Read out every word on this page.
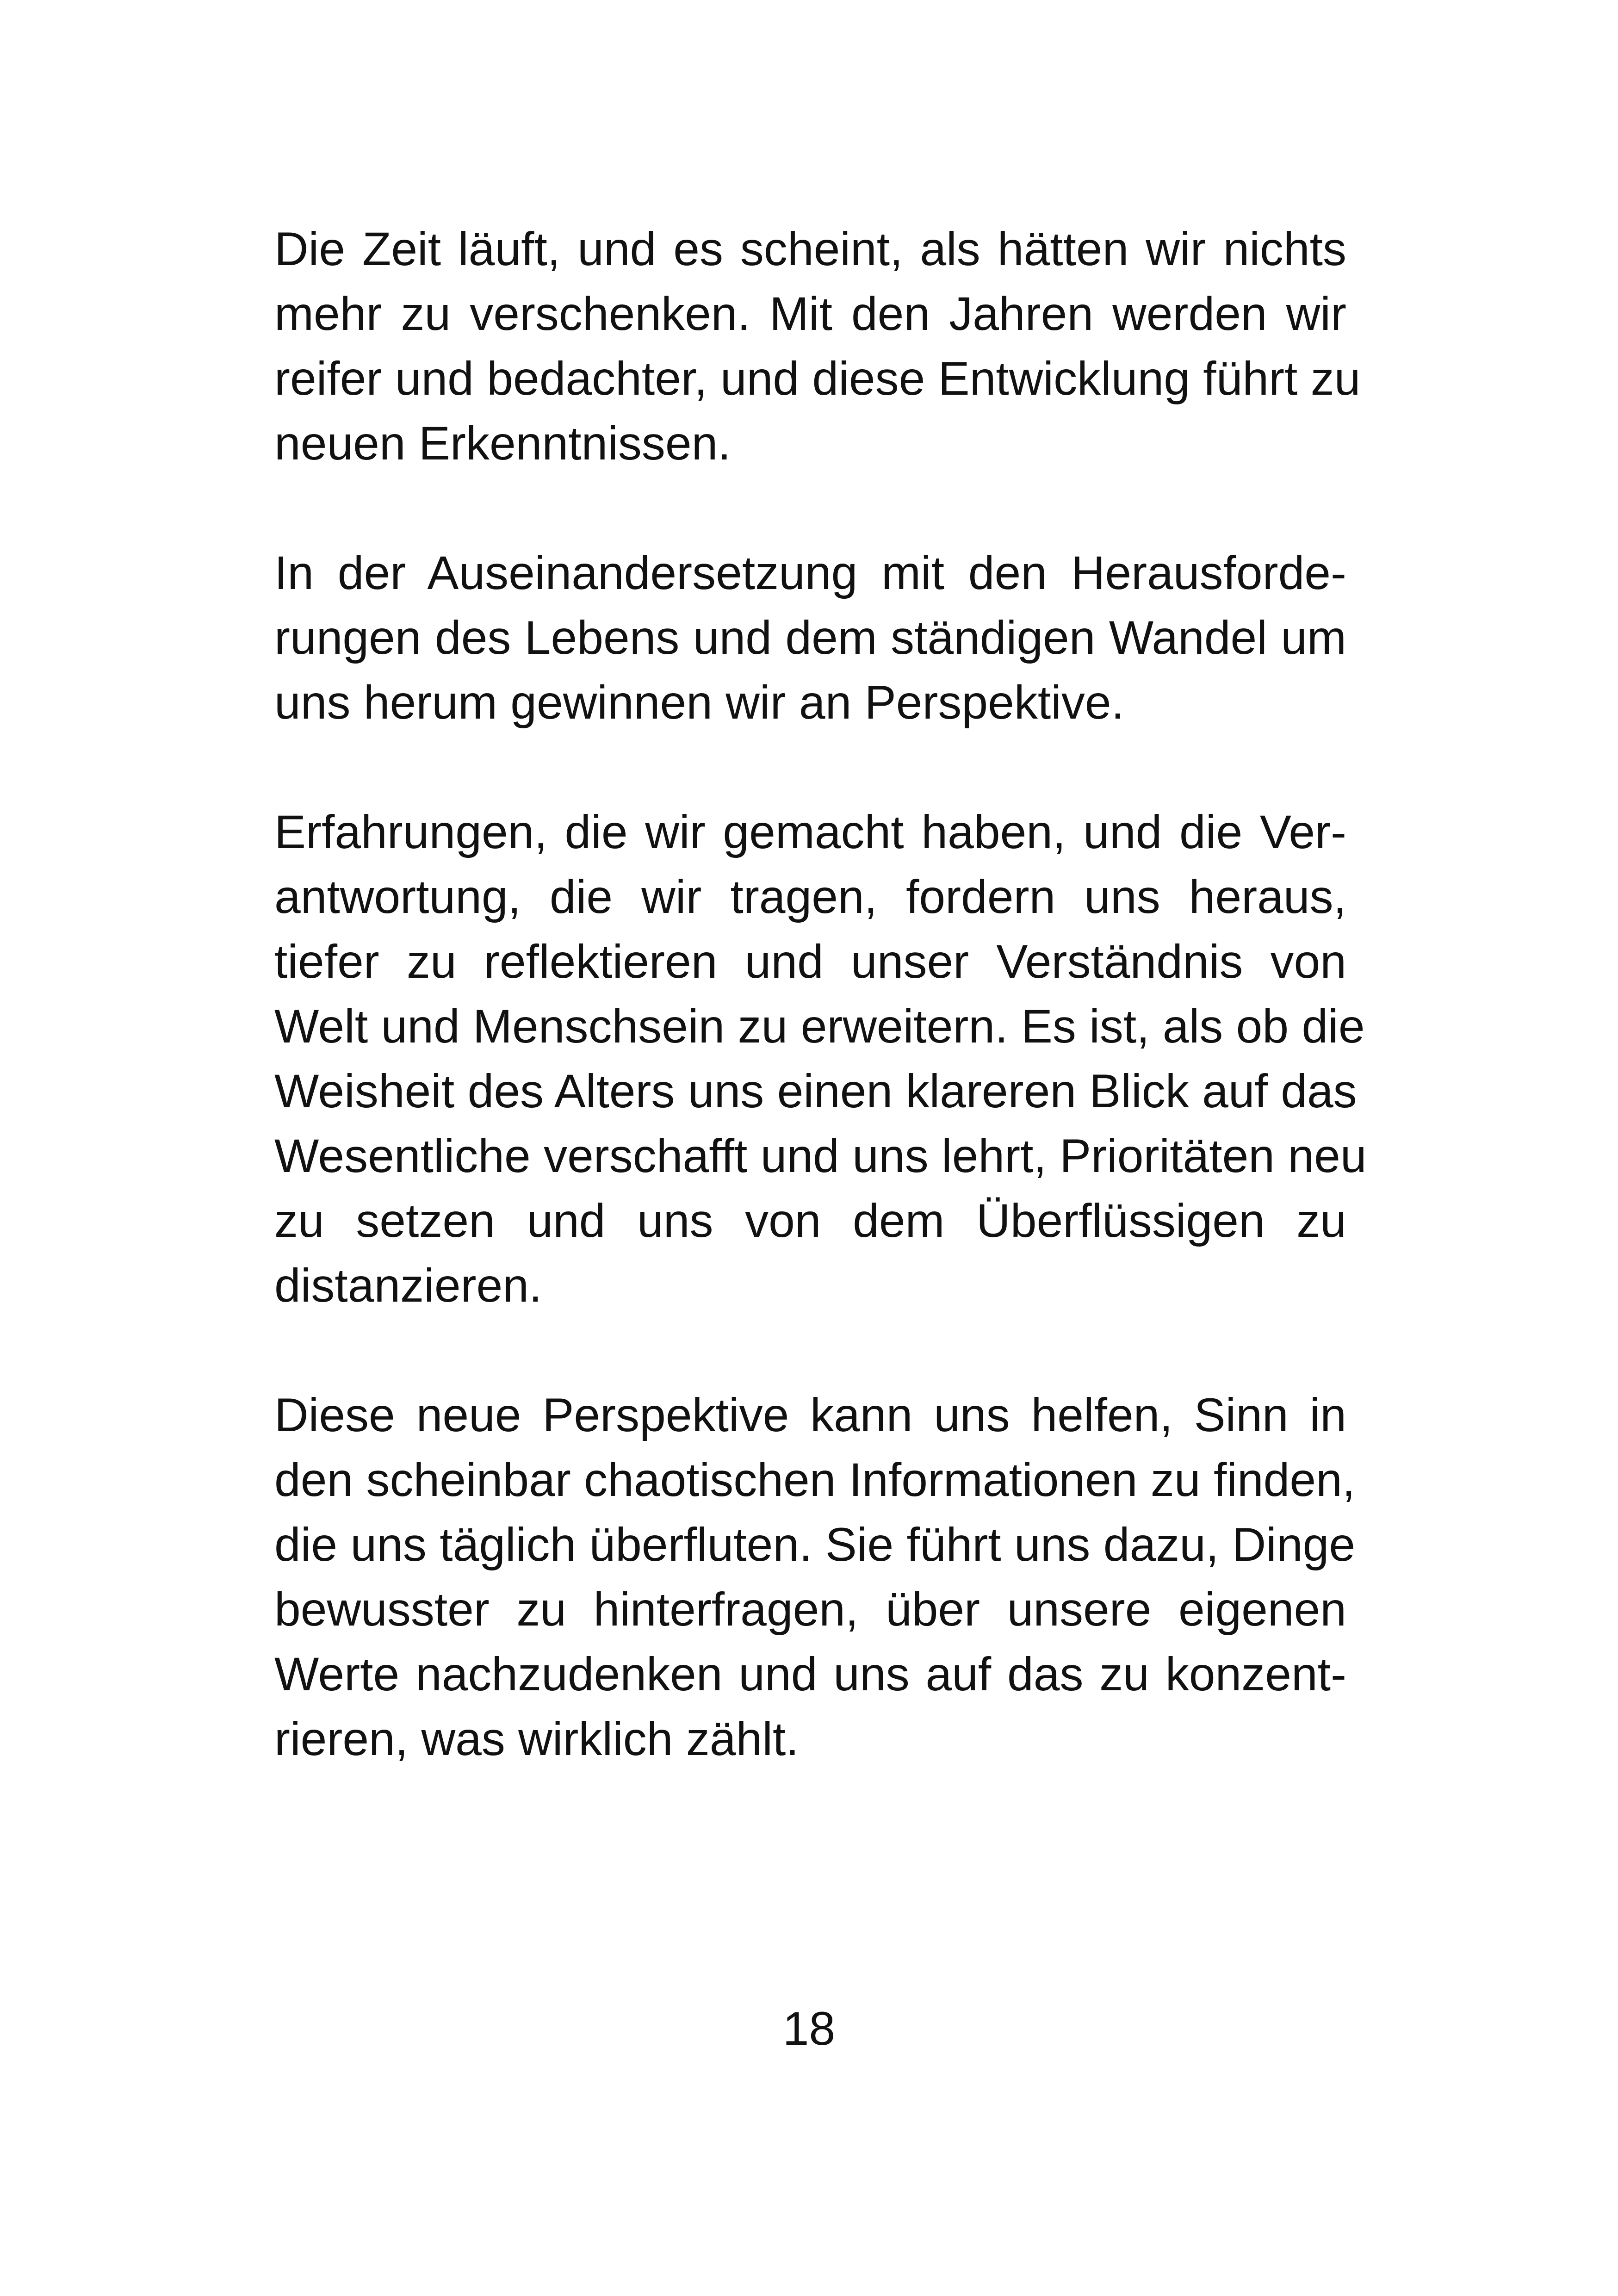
Die Zeit läuft, und es scheint, als hätten wir nichts
mehr zu verschenken. Mit den Jahren werden wir
reifer und bedachter, und diese Entwicklung führt zu
neuen Erkenntnissen.
In der Auseinandersetzung mit den Herausforde-
rungen des Lebens und dem ständigen Wandel um
uns herum gewinnen wir an Perspektive.
Erfahrungen, die wir gemacht haben, und die Ver-
antwortung, die wir tragen, fordern uns heraus,
tiefer zu reflektieren und unser Verständnis von
Welt und Menschsein zu erweitern. Es ist, als ob die
Weisheit des Alters uns einen klareren Blick auf das
Wesentliche verschafft und uns lehrt, Prioritäten neu
zu setzen und uns von dem Überflüssigen zu
distanzieren.
Diese neue Perspektive kann uns helfen, Sinn in
den scheinbar chaotischen Informationen zu finden,
die uns täglich überfluten. Sie führt uns dazu, Dinge
bewusster zu hinterfragen, über unsere eigenen
Werte nachzudenken und uns auf das zu konzent-
rieren, was wirklich zählt.
18
